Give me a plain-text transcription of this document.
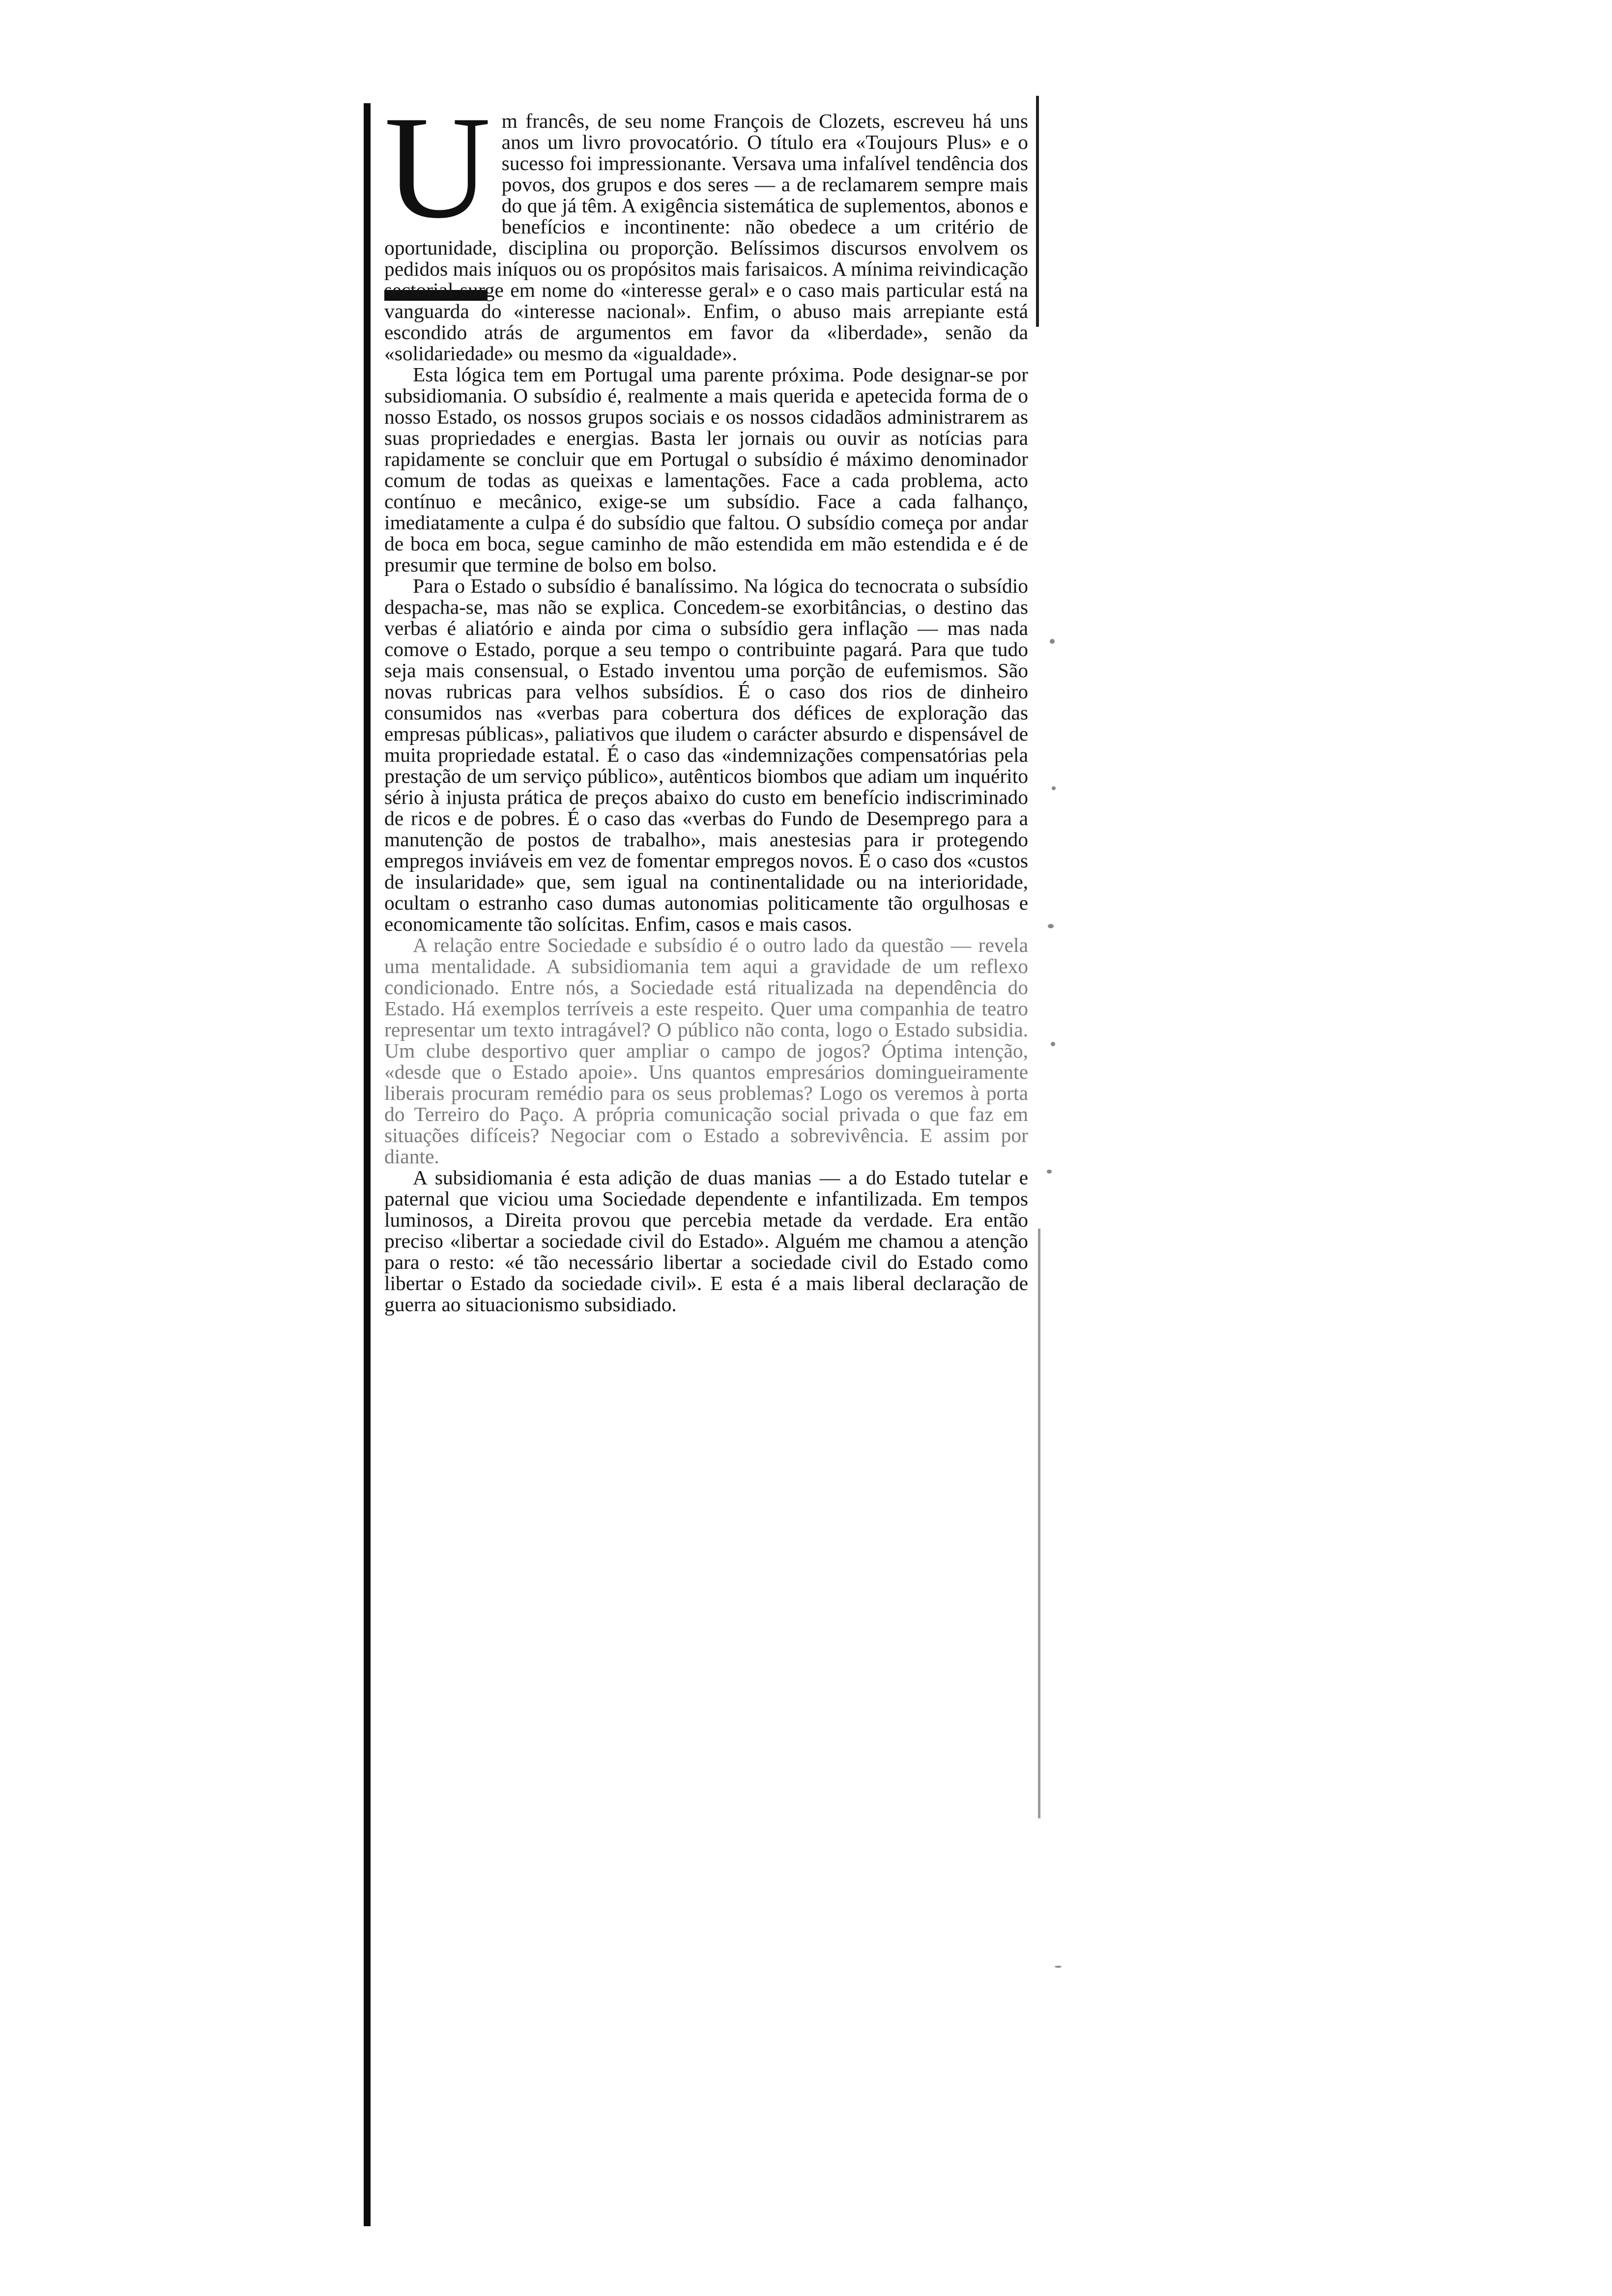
Um francês, de seu nome François de Clozets, escreveu há uns anos um livro provocatório. O título era «Toujours Plus» e o sucesso foi impressionante. Versava uma infalível tendência dos povos, dos grupos e dos seres — a de reclamarem sempre mais do que já têm. A exigência sistemática de suplementos, abonos e benefícios e incontinente: não obedece a um critério de oportunidade, disciplina ou proporção. Belíssimos discursos envolvem os pedidos mais iníquos ou os propósitos mais farisaicos. A mínima reivindicação sectorial surge em nome do «interesse geral» e o caso mais particular está na vanguarda do «interesse nacional». Enfim, o abuso mais arrepiante está escondido atrás de argumentos em favor da «liberdade», senão da «solidariedade» ou mesmo da «igualdade».

Esta lógica tem em Portugal uma parente próxima. Pode designar-se por subsidiomania. O subsídio é, realmente a mais querida e apetecida forma de o nosso Estado, os nossos grupos sociais e os nossos cidadãos administrarem as suas propriedades e energias. Basta ler jornais ou ouvir as notícias para rapidamente se concluir que em Portugal o subsídio é máximo denominador comum de todas as queixas e lamentações. Face a cada problema, acto contínuo e mecânico, exige-se um subsídio. Face a cada falhanço, imediatamente a culpa é do subsídio que faltou. O subsídio começa por andar de boca em boca, segue caminho de mão estendida em mão estendida e é de presumir que termine de bolso em bolso.

Para o Estado o subsídio é banalíssimo. Na lógica do tecnocrata o subsídio despacha-se, mas não se explica. Concedem-se exorbitâncias, o destino das verbas é aliatório e ainda por cima o subsídio gera inflação — mas nada comove o Estado, porque a seu tempo o contribuinte pagará. Para que tudo seja mais consensual, o Estado inventou uma porção de eufemismos. São novas rubricas para velhos subsídios. É o caso dos rios de dinheiro consumidos nas «verbas para cobertura dos défices de exploração das empresas públicas», paliativos que iludem o carácter absurdo e dispensável de muita propriedade estatal. É o caso das «indemnizações compensatórias pela prestação de um serviço público», autênticos biombos que adiam um inquérito sério à injusta prática de preços abaixo do custo em benefício indiscriminado de ricos e de pobres. É o caso das «verbas do Fundo de Desemprego para a manutenção de postos de trabalho», mais anestesias para ir protegendo empregos inviáveis em vez de fomentar empregos novos. É o caso dos «custos de insularidade» que, sem igual na continentalidade ou na interioridade, ocultam o estranho caso dumas autonomias politicamente tão orgulhosas e economicamente tão solícitas. Enfim, casos e mais casos.

A relação entre Sociedade e subsídio é o outro lado da questão — revela uma mentalidade. A subsidiomania tem aqui a gravidade de um reflexo condicionado. Entre nós, a Sociedade está ritualizada na dependência do Estado. Há exemplos terríveis a este respeito. Quer uma companhia de teatro representar um texto intragável? O público não conta, logo o Estado subsidia. Um clube desportivo quer ampliar o campo de jogos? Óptima intenção, «desde que o Estado apoie». Uns quantos empresários domingueiramente liberais procuram remédio para os seus problemas? Logo os veremos à porta do Terreiro do Paço. A própria comunicação social privada o que faz em situações difíceis? Negociar com o Estado a sobrevivência. E assim por diante.

A subsidiomania é esta adição de duas manias — a do Estado tutelar e paternal que viciou uma Sociedade dependente e infantilizada. Em tempos luminosos, a Direita provou que percebia metade da verdade. Era então preciso «libertar a sociedade civil do Estado». Alguém me chamou a atenção para o resto: «é tão necessário libertar a sociedade civil do Estado como libertar o Estado da sociedade civil». E esta é a mais liberal declaração de guerra ao situacionismo subsidiado.
